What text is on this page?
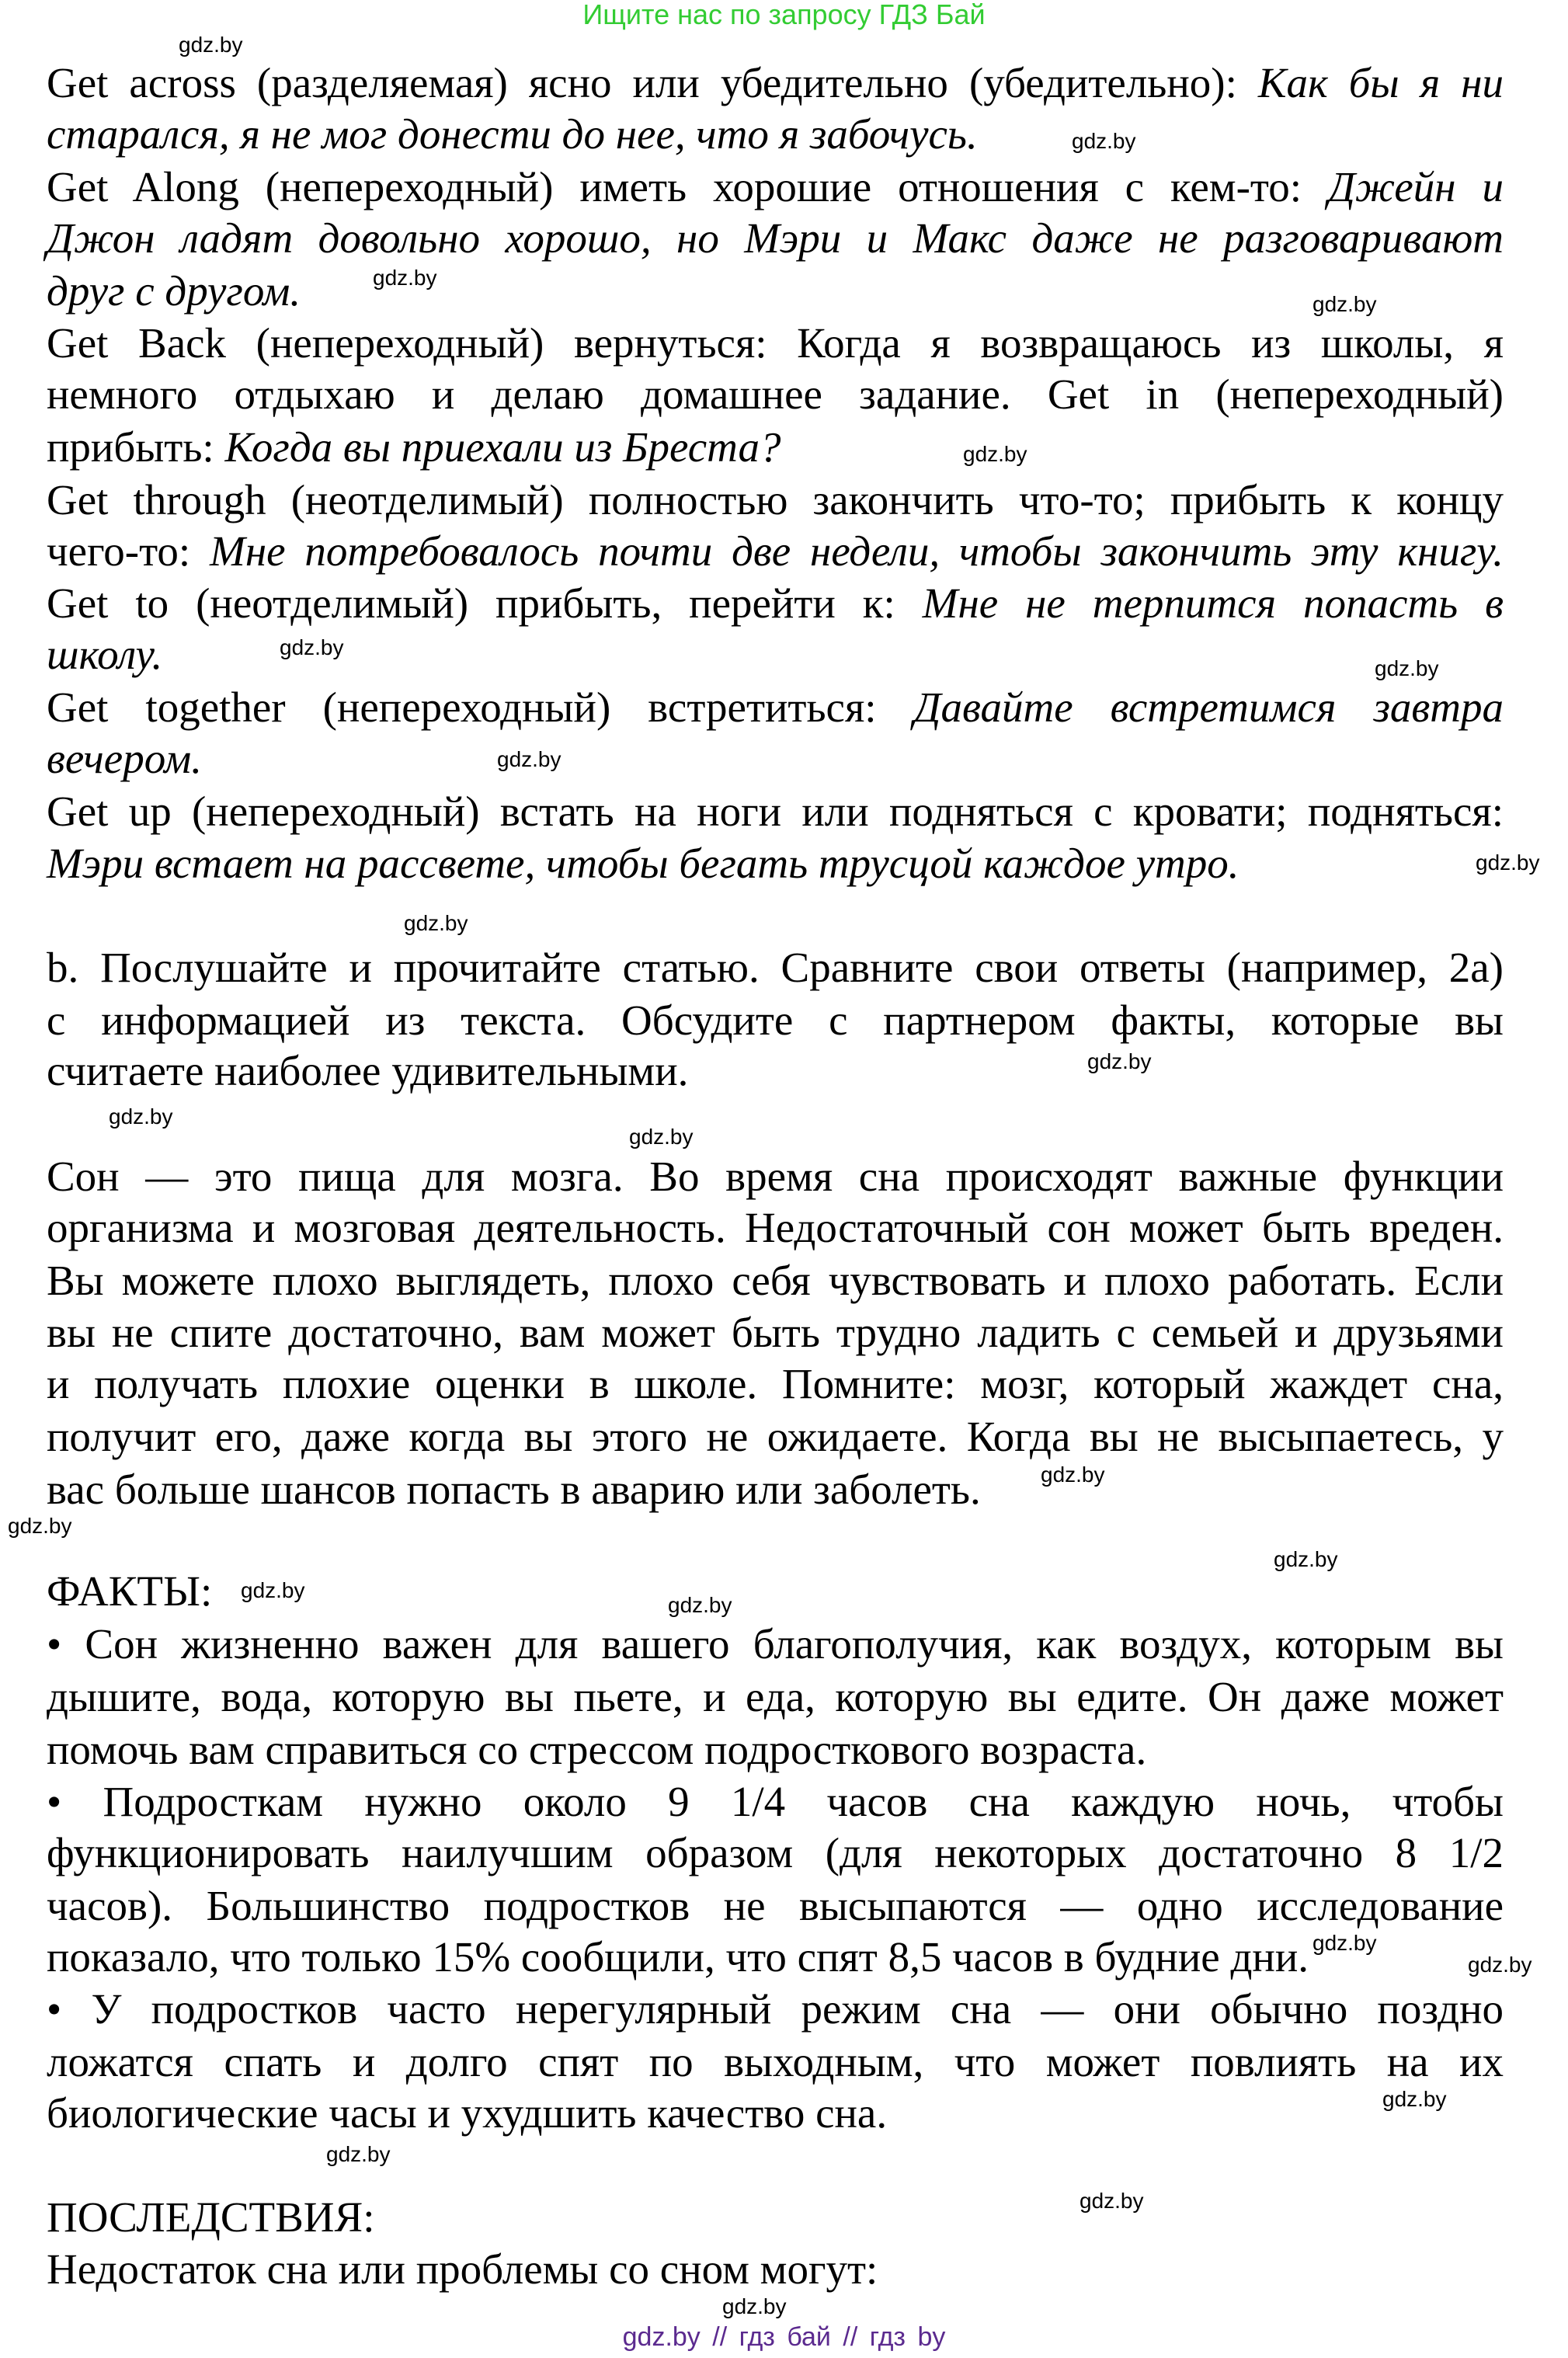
Ищите нас по запросу ГДЗ Бай
Get across (разделяемая) ясно или убедительно (убедительно): Как бы я ни
старался, я не мог донести до нее, что я забочусь.
Get Along (непереходный) иметь хорошие отношения с кем-то: Джейн и
Джон ладят довольно хорошо, но Мэри и Макс даже не разговаривают
друг с другом.
Get Back (непереходный) вернуться: Когда я возвращаюсь из школы, я
немного отдыхаю и делаю домашнее задание. Get in (непереходный)
прибыть: Когда вы приехали из Бреста?
Get through (неотделимый) полностью закончить что-то; прибыть к концу
чего-то: Мне потребовалось почти две недели, чтобы закончить эту книгу.
Get to (неотделимый) прибыть, перейти к: Мне не терпится попасть в
школу.
Get together (непереходный) встретиться: Давайте встретимся завтра
вечером.
Get up (непереходный) встать на ноги или подняться с кровати; подняться:
Мэри встает на рассвете, чтобы бегать трусцой каждое утро.
b. Послушайте и прочитайте статью. Сравните свои ответы (например, 2a)
с информацией из текста. Обсудите с партнером факты, которые вы
считаете наиболее удивительными.
Сон — это пища для мозга. Во время сна происходят важные функции
организма и мозговая деятельность. Недостаточный сон может быть вреден.
Вы можете плохо выглядеть, плохо себя чувствовать и плохо работать. Если
вы не спите достаточно, вам может быть трудно ладить с семьей и друзьями
и получать плохие оценки в школе. Помните: мозг, который жаждет сна,
получит его, даже когда вы этого не ожидаете. Когда вы не высыпаетесь, у
вас больше шансов попасть в аварию или заболеть.
ФАКТЫ:
• Сон жизненно важен для вашего благополучия, как воздух, которым вы
дышите, вода, которую вы пьете, и еда, которую вы едите. Он даже может
помочь вам справиться со стрессом подросткового возраста.
• Подросткам нужно около 9 1/4 часов сна каждую ночь, чтобы
функционировать наилучшим образом (для некоторых достаточно 8 1/2
часов). Большинство подростков не высыпаются — одно исследование
показало, что только 15% сообщили, что спят 8,5 часов в будние дни.
• У подростков часто нерегулярный режим сна — они обычно поздно
ложатся спать и долго спят по выходным, что может повлиять на их
биологические часы и ухудшить качество сна.
ПОСЛЕДСТВИЯ:
Недостаток сна или проблемы со сном могут:
gdz.by
gdz.by
gdz.by
gdz.by
gdz.by
gdz.by
gdz.by
gdz.by
gdz.by
gdz.by
gdz.by
gdz.by
gdz.by
gdz.by
gdz.by
gdz.by
gdz.by
gdz.by
gdz.by
gdz.by
gdz.by
gdz.by
gdz.by
gdz.by
gdz.by // гдз бай // гдз by
